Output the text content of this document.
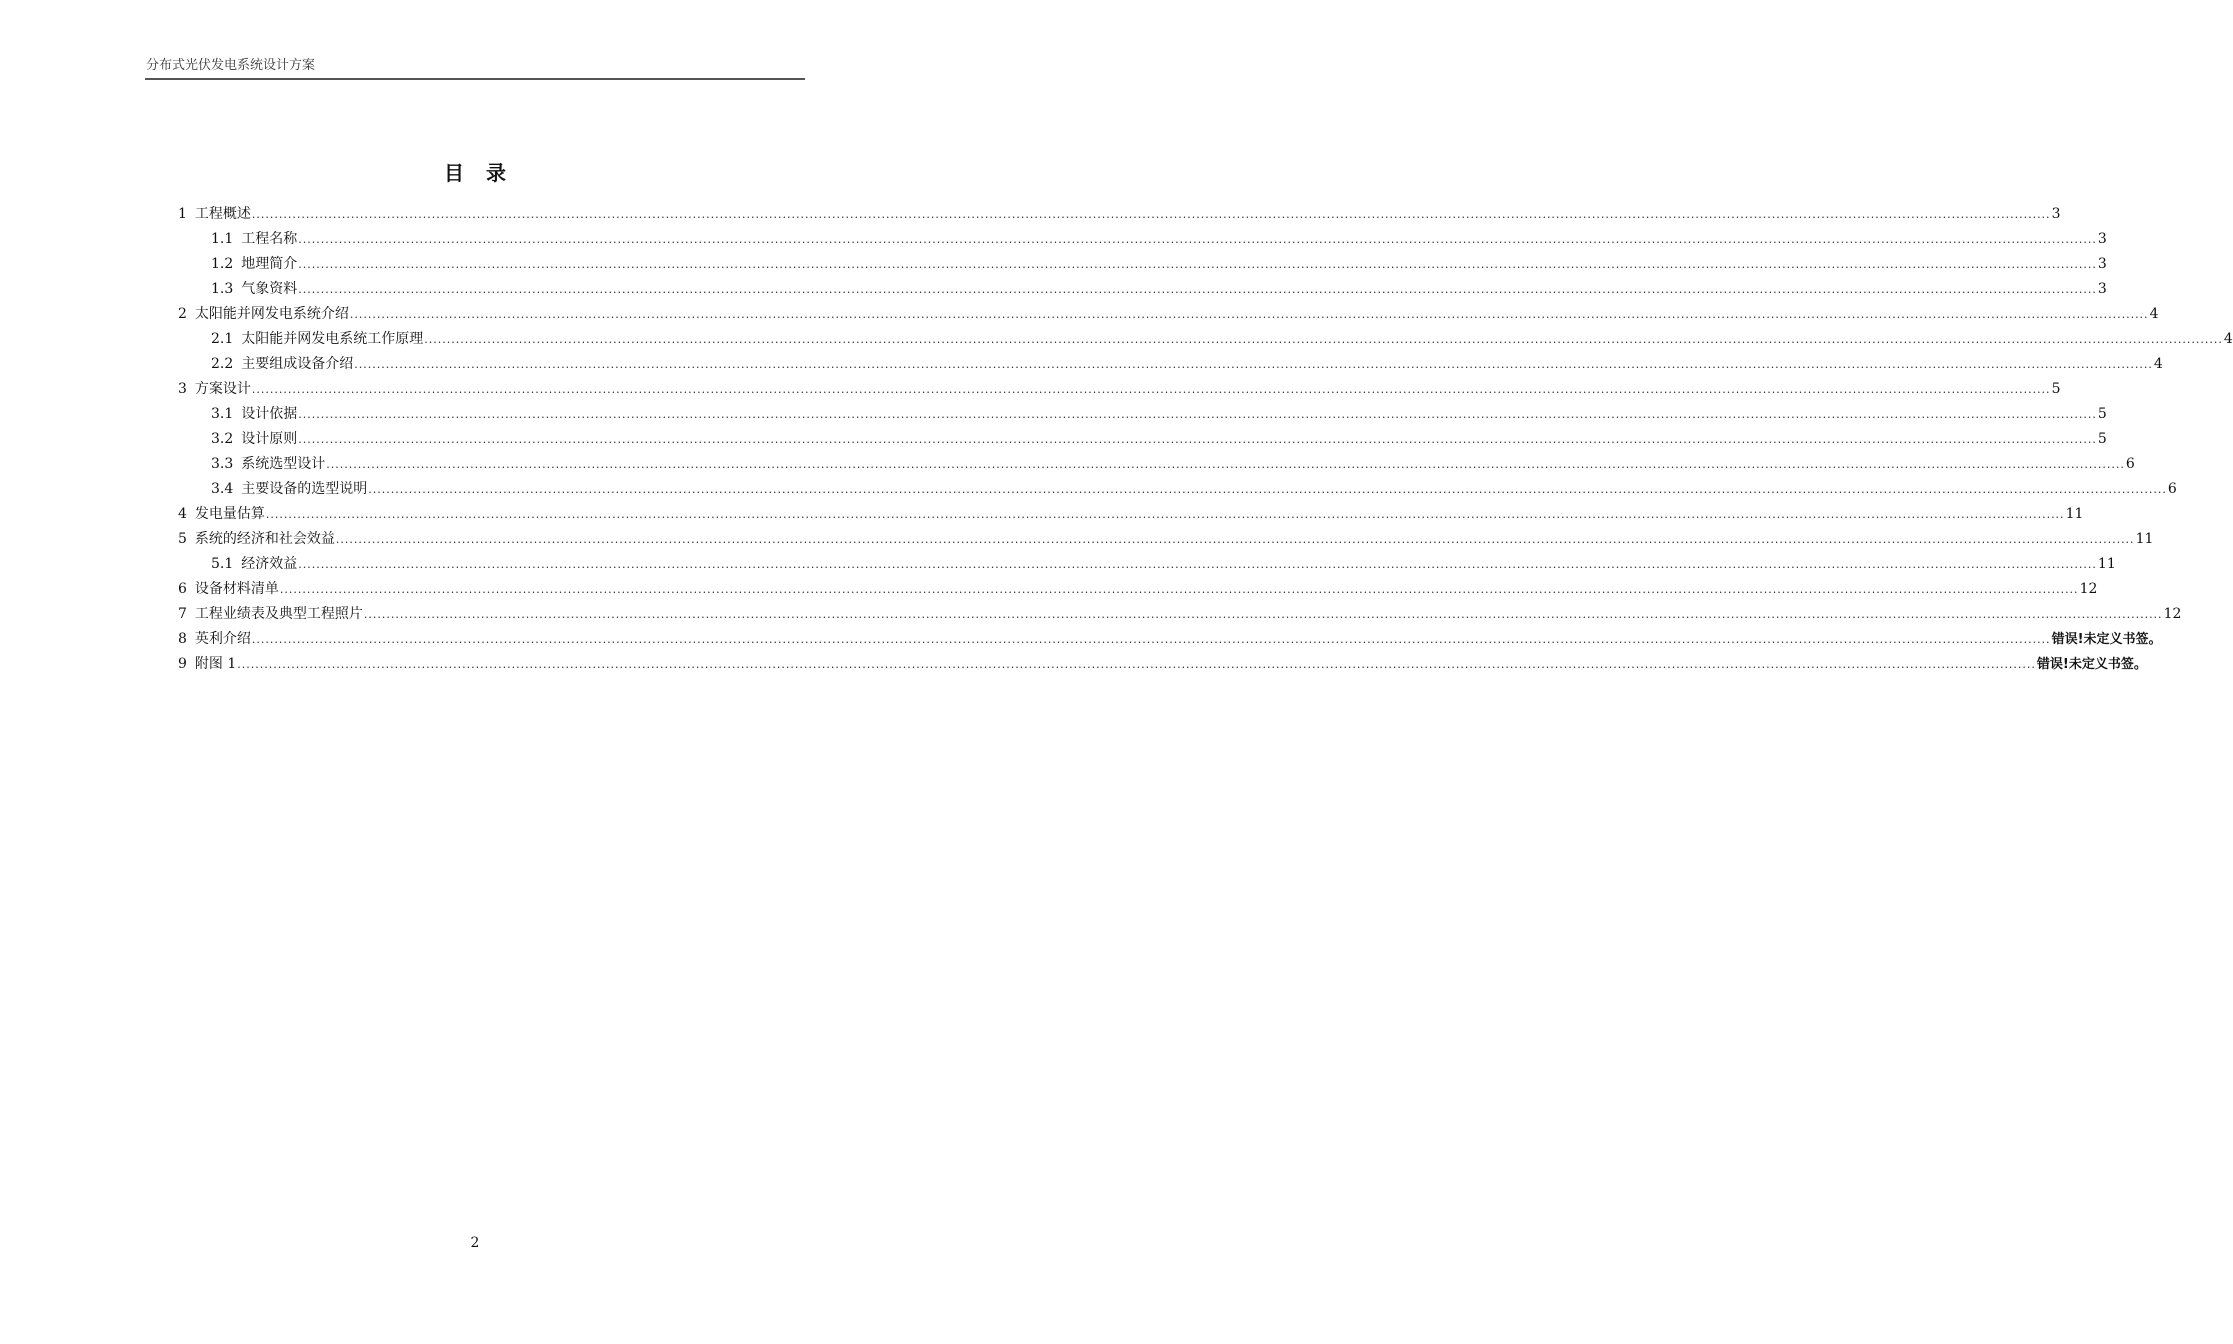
分布式光伏发电系统设计方案
目录
1 工程概述 ................................................................................................................................................................................................................................................................................................................................................................................................................ 3
1.1 工程名称 ................................................................................................................................................................................................................................................................................................................................................................................................................ 3
1.2 地理简介 ................................................................................................................................................................................................................................................................................................................................................................................................................ 3
1.3 气象资料 ................................................................................................................................................................................................................................................................................................................................................................................................................ 3
2 太阳能并网发电系统介绍 ................................................................................................................................................................................................................................................................................................................................................................................................................ 4
2.1 太阳能并网发电系统工作原理 ................................................................................................................................................................................................................................................................................................................................................................................................................ 4
2.2 主要组成设备介绍 ................................................................................................................................................................................................................................................................................................................................................................................................................ 4
3 方案设计 ................................................................................................................................................................................................................................................................................................................................................................................................................ 5
3.1 设计依据 ................................................................................................................................................................................................................................................................................................................................................................................................................ 5
3.2 设计原则 ................................................................................................................................................................................................................................................................................................................................................................................................................ 5
3.3 系统选型设计 ................................................................................................................................................................................................................................................................................................................................................................................................................ 6
3.4 主要设备的选型说明 ................................................................................................................................................................................................................................................................................................................................................................................................................ 6
4 发电量估算 ................................................................................................................................................................................................................................................................................................................................................................................................................ 11
5 系统的经济和社会效益 ................................................................................................................................................................................................................................................................................................................................................................................................................ 11
5.1 经济效益 ................................................................................................................................................................................................................................................................................................................................................................................................................ 11
6 设备材料清单 ................................................................................................................................................................................................................................................................................................................................................................................................................ 12
7 工程业绩表及典型工程照片 ................................................................................................................................................................................................................................................................................................................................................................................................................ 12
8 英利介绍 ................................................................................................................................................................................................................................................................................................................................................................................................................ 错误!未定义书签。
9 附图 1 ................................................................................................................................................................................................................................................................................................................................................................................................................ 错误!未定义书签。
2
